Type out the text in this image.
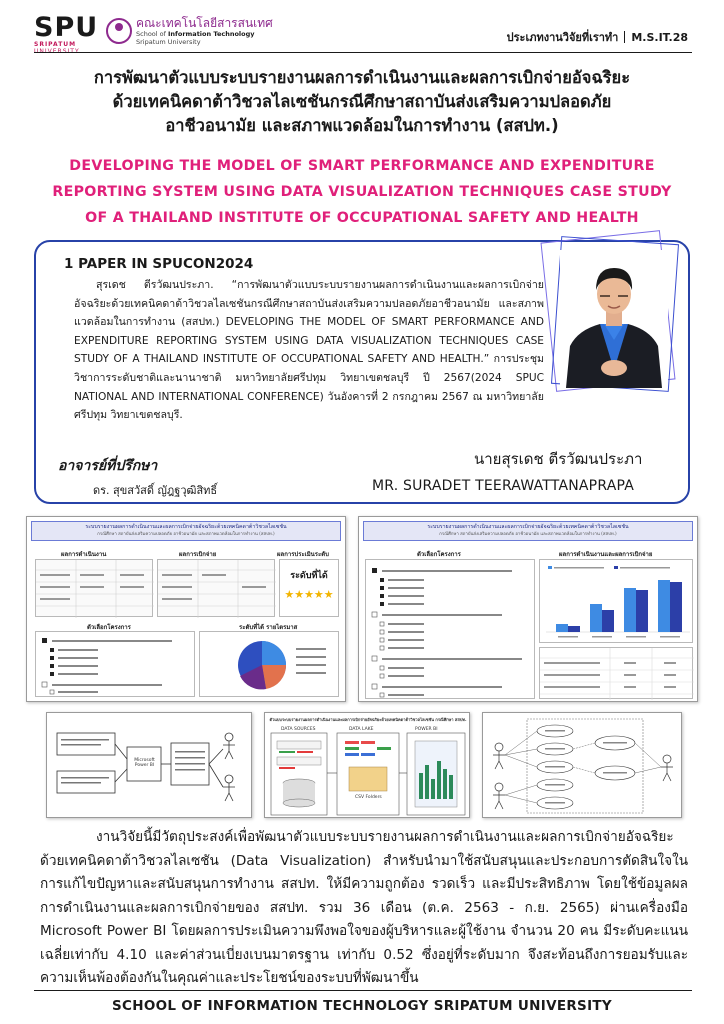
SPU
SRIPATUM
คณะเทคโนโลยีสารสนเทศ
School of Information Technology
Sripatum University	ประเภทงานวิจัยที่เราทำ M.S.IT.28
การพัฒนาตัวแบบระบบรายงานผลการดำเนินงานและผลการเบิกจ่ายอัจฉริยะ
ด้วยเทคนิคดาต้าวิชวลไลเซชันกรณีศึกษาสถาบันส่งเสริมความปลอดภัย
อาชีวอนามัย และสภาพแวดล้อมในการทำงาน (สสปท.)
DEVELOPING THE MODEL OF SMART PERFORMANCE AND EXPENDITURE
REPORTING SYSTEM USING DATA VISUALIZATION TECHNIQUES CASE STUDY
OF A THAILAND INSTITUTE OF OCCUPATIONAL SAFETY AND HEALTH
1 PAPER IN SPUCON2024
สุรเดช ตีรวัฒนประภา. “การพัฒนาตัวแบบระบบรายงานผลการดำเนินงานและผลการเบิกจ่ายอัจฉริยะด้วยเทคนิคดาต้าวิชวลไลเซชันกรณีศึกษาสถาบันส่งเสริมความปลอดภัยอาชีวอนามัย และสภาพแวดล้อมในการทำงาน (สสปท.) DEVELOPING THE MODEL OF SMART PERFORMANCE AND EXPENDITURE REPORTING SYSTEM USING DATA VISUALIZATION TECHNIQUES CASE STUDY OF A THAILAND INSTITUTE OF OCCUPATIONAL SAFETY AND HEALTH.” การประชุมวิชาการระดับชาติและนานาชาติ มหาวิทยาลัยศรีปทุม วิทยาเขตชลบุรี ปี 2567(2024 SPUC NATIONAL AND INTERNATIONAL CONFERENCE) วันอังคารที่ 2 กรกฎาคม 2567 ณ มหาวิทยาลัยศรีปทุม วิทยาเขตชลบุรี.
อาจารย์ที่ปรึกษา
ดร. สุขสวัสดิ์ ญัฎฐวุฒิสิทธิ์
นายสุรเดช ตีรวัฒนประภา
MR. SURADET TEERAWATTANAPRAPA
ระบบรายงานผลการดำเนินงานและผลการเบิกจ่ายอัจฉริยะด้วยเทคนิคดาต้าวิชวลไลเซชัน
กรณีศึกษา สถาบันส่งเสริมความปลอดภัย อาชีวอนามัย และสภาพแวดล้อมในการทำงาน (สสปท.)
ผลการดำเนินงาน	ผลการเบิกจ่าย	ผลการประเมินระดับ
ระดับที่ได้
★★★★★
ตัวเลือกโครงการ	ระดับที่ได้ รายไตรมาส
ระบบรายงานผลการดำเนินงานและผลการเบิกจ่ายอัจฉริยะด้วยเทคนิคดาต้าวิชวลไลเซชัน
กรณีศึกษา สถาบันส่งเสริมความปลอดภัย อาชีวอนามัย และสภาพแวดล้อมในการทำงาน (สสปท.)
ตัวเลือกโครงการ	ผลการดำเนินงานและผลการเบิกจ่าย
Microsoft Power BI
ตัวแบบระบบรายงานผลการดำเนินงานและผลการเบิกจ่ายอัจฉริยะด้วยเทคนิคดาต้าวิชวลไลเซชัน กรณีศึกษา สสปท.
DATA SOURCES	DATA LAKE	POWER BI
CSV Folders
งานวิจัยนี้มีวัตถุประสงค์เพื่อพัฒนาตัวแบบระบบรายงานผลการดำเนินงานและผลการเบิกจ่ายอัจฉริยะด้วยเทคนิคดาต้าวิชวลไลเซชัน (Data Visualization) สำหรับนำมาใช้สนับสนุนและประกอบการตัดสินใจในการแก้ไขปัญหาและสนับสนุนการทำงาน สสปท. ให้มีความถูกต้อง รวดเร็ว และมีประสิทธิภาพ โดยใช้ข้อมูลผลการดำเนินงานและผลการเบิกจ่ายของ สสปท. รวม 36 เดือน (ต.ค. 2563 - ก.ย. 2565) ผ่านเครื่องมือ Microsoft Power BI โดยผลการประเมินความพึงพอใจของผู้บริหารและผู้ใช้งาน จำนวน 20 คน มีระดับคะแนนเฉลี่ยเท่ากับ 4.10 และค่าส่วนเบี่ยงเบนมาตรฐาน เท่ากับ 0.52 ซึ่งอยู่ที่ระดับมาก จึงสะท้อนถึงการยอมรับและความเห็นพ้องต้องกันในคุณค่าและประโยชน์ของระบบที่พัฒนาขึ้น
SCHOOL OF INFORMATION TECHNOLOGY SRIPATUM UNIVERSITY
